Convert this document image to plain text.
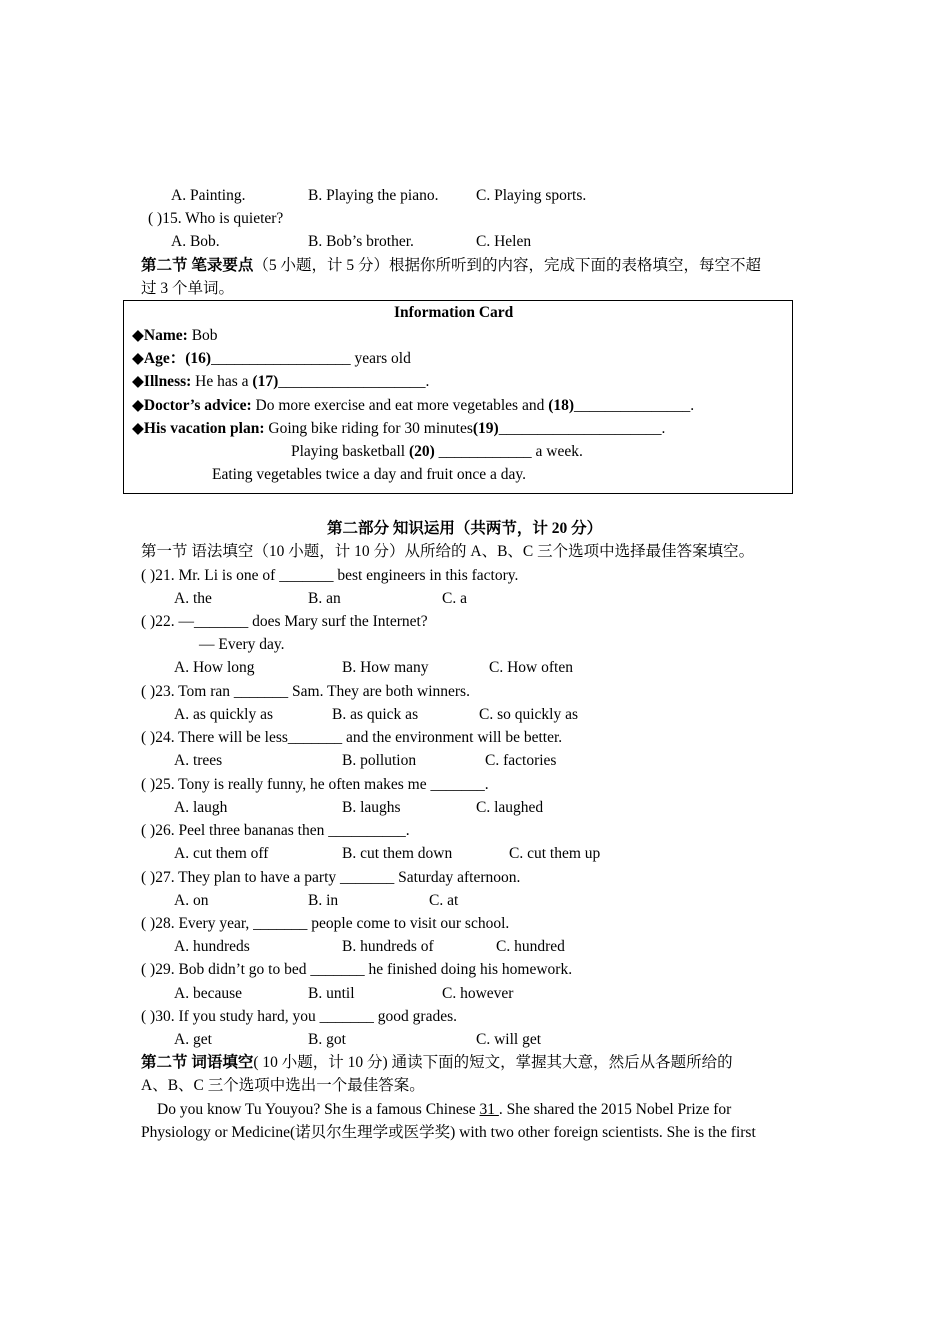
A. Painting.	B. Playing the piano. C. Playing sports.
( )15. Who is quieter?
A. Bob.	B. Bob’s brother.	C. Helen
第二节 笔录要点（5 小题，计 5 分）根据你所听到的内容，完成下面的表格填空，每空不超
过 3 个单词。
Information Card
◆Name: Bob
◆Age：(16)__________________ years old
◆Illness: He has a (17)___________________.
◆Doctor’s advice: Do more exercise and eat more vegetables and (18)_______________.
◆His vacation plan: Going bike riding for 30 minutes(19)_____________________.
Playing basketball (20) ____________ a week.
Eating vegetables twice a day and fruit once a day.
第二部分 知识运用（共两节，计 20 分）
第一节 语法填空（10 小题，计 10 分）从所给的 A、B、C 三个选项中选择最佳答案填空。
( )21. Mr. Li is one of _______ best engineers in this factory.
A. the	B. an	C. a
( )22. —_______ does Mary surf the Internet?
— Every day.
A. How long	B. How many	C. How often
( )23. Tom ran _______ Sam. They are both winners.
A. as quickly as	B. as quick as	C. so quickly as
( )24. There will be less_______ and the environment will be better.
A. trees	B. pollution	C. factories
( )25. Tony is really funny, he often makes me _______.
A. laugh	B. laughs	C. laughed
( )26. Peel three bananas then __________.
A. cut them off	B. cut them down	C. cut them up
( )27. They plan to have a party _______ Saturday afternoon.
A. on	B. in	C. at
( )28. Every year, _______ people come to visit our school.
A. hundreds	B. hundreds of	C. hundred
( )29. Bob didn’t go to bed _______ he finished doing his homework.
A. because	B. until	C. however
( )30. If you study hard, you _______ good grades.
A. get	B. got	C. will get
第二节 词语填空( 10 小题，计 10 分) 通读下面的短文，掌握其大意，然后从各题所给的
A、B、C 三个选项中选出一个最佳答案。
Do you know Tu Youyou? She is a famous Chinese 31 . She shared the 2015 Nobel Prize for
Physiology or Medicine(诺贝尔生理学或医学奖) with two other foreign scientists. She is the first
